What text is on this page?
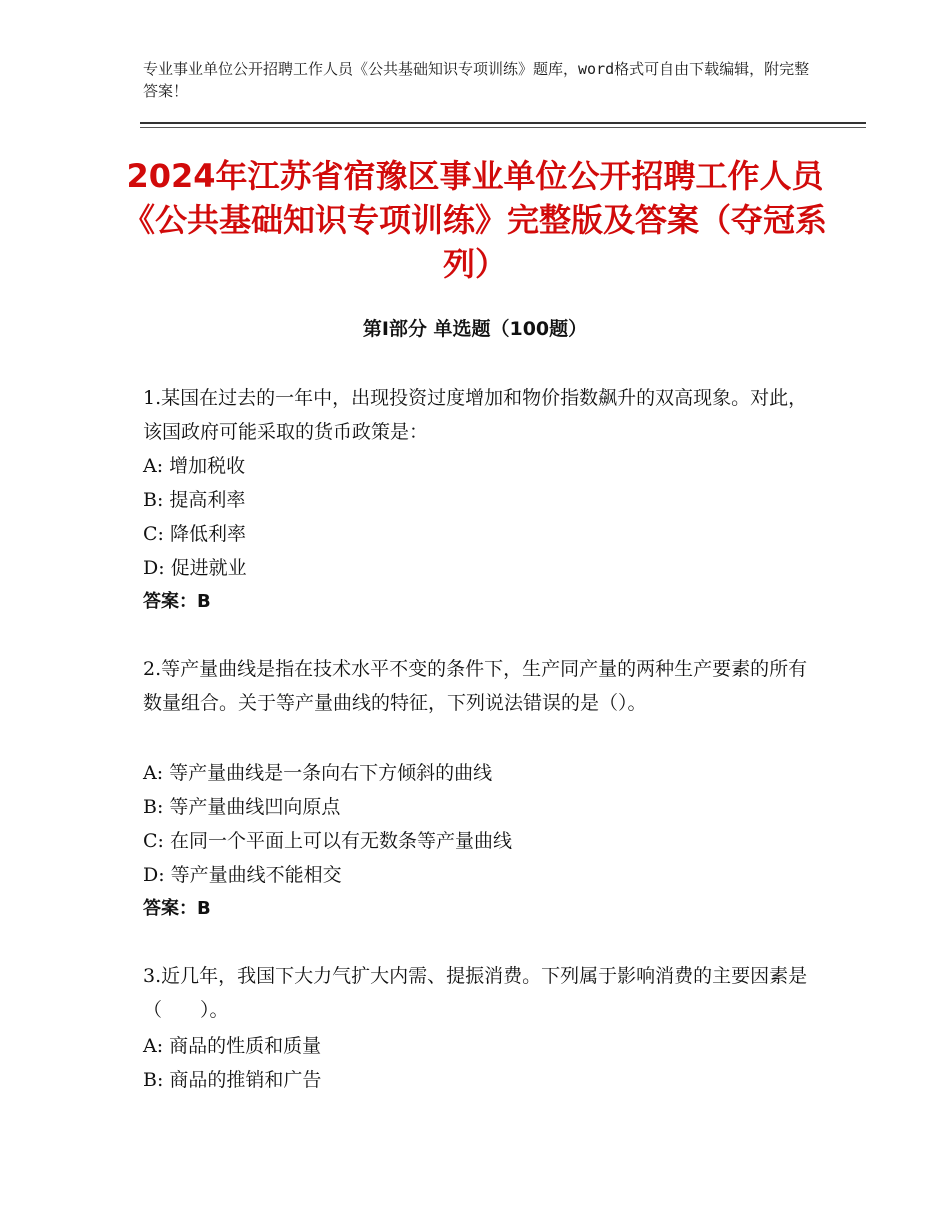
专业事业单位公开招聘工作人员《公共基础知识专项训练》题库，word格式可自由下载编辑，附完整答案！
2024年江苏省宿豫区事业单位公开招聘工作人员《公共基础知识专项训练》完整版及答案（夺冠系列）
第Ⅰ部分 单选题（100题）
1.某国在过去的一年中，出现投资过度增加和物价指数飙升的双高现象。对此，该国政府可能采取的货币政策是：
A: 增加税收
B: 提高利率
C: 降低利率
D: 促进就业
答案：B
2.等产量曲线是指在技术水平不变的条件下，生产同产量的两种生产要素的所有数量组合。关于等产量曲线的特征，下列说法错误的是（）。
A: 等产量曲线是一条向右下方倾斜的曲线
B: 等产量曲线凹向原点
C: 在同一个平面上可以有无数条等产量曲线
D: 等产量曲线不能相交
答案：B
3.近几年，我国下大力气扩大内需、提振消费。下列属于影响消费的主要因素是（　　）。
A: 商品的性质和质量
B: 商品的推销和广告
